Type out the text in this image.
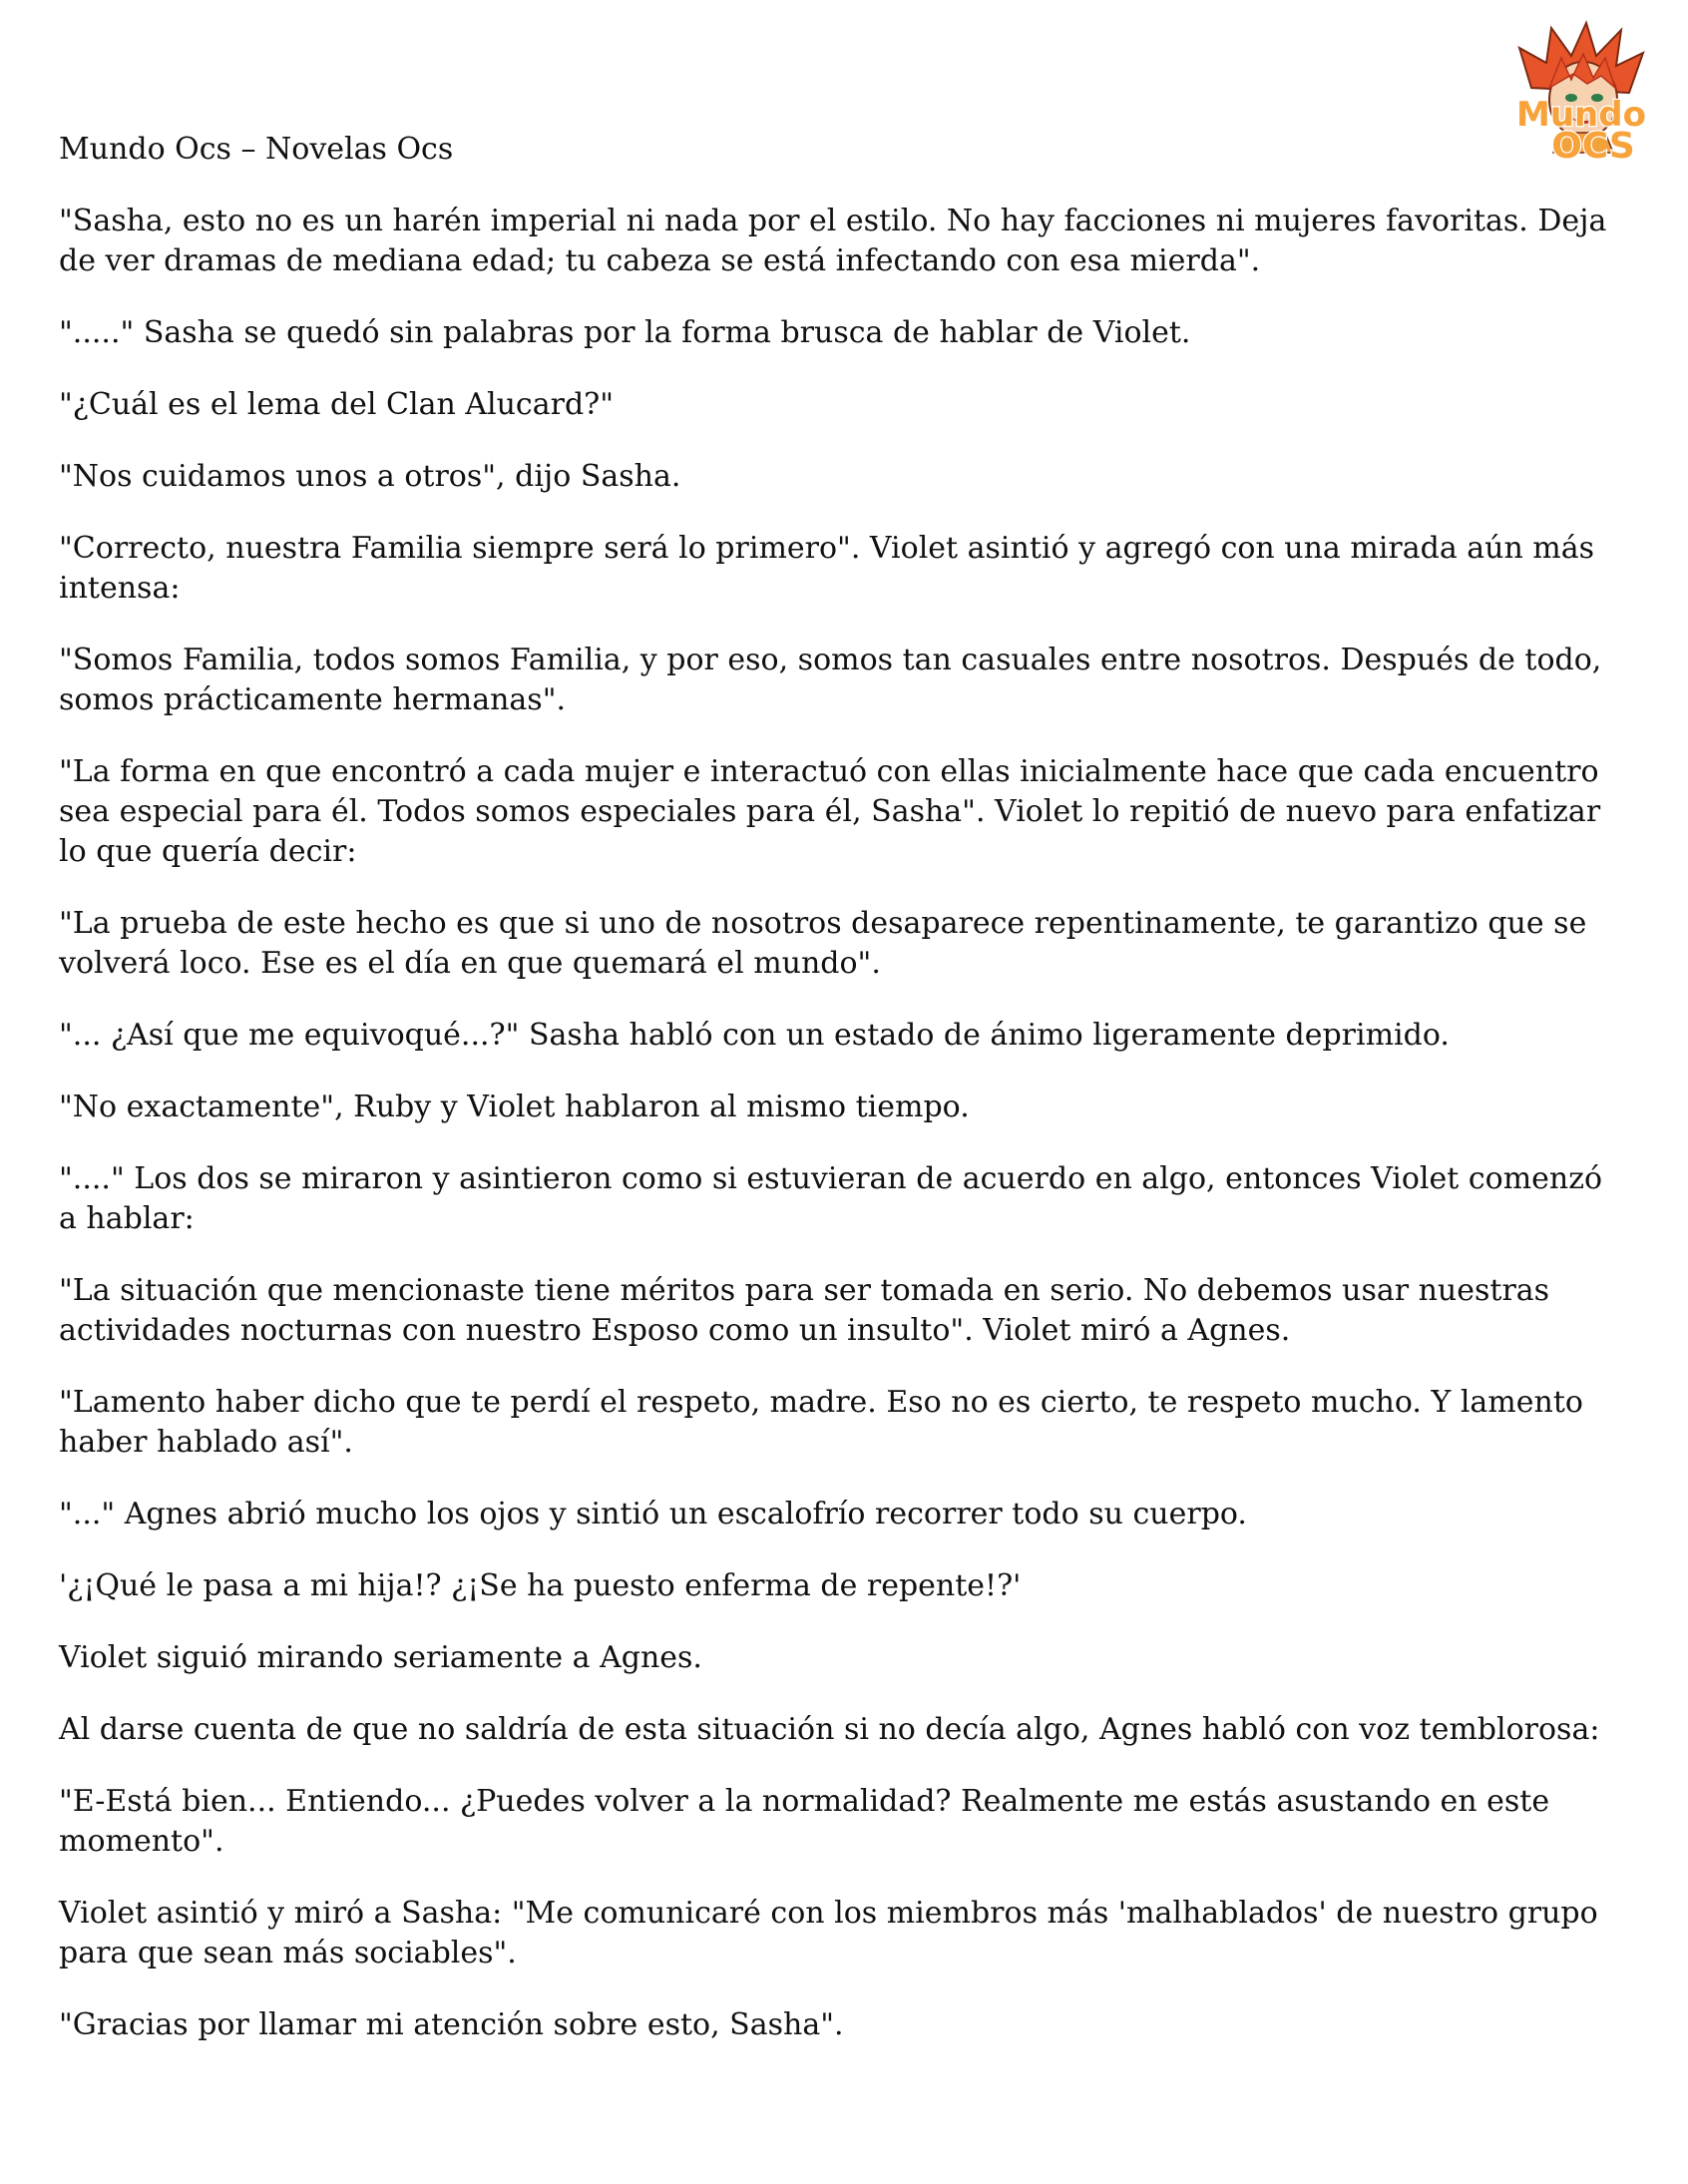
Mundo
OCS

Mundo Ocs – Novelas Ocs

"Sasha, esto no es un harén imperial ni nada por el estilo. No hay facciones ni mujeres favoritas. Deja de ver dramas de mediana edad; tu cabeza se está infectando con esa mierda".

"....." Sasha se quedó sin palabras por la forma brusca de hablar de Violet.

"¿Cuál es el lema del Clan Alucard?"

"Nos cuidamos unos a otros", dijo Sasha.

"Correcto, nuestra Familia siempre será lo primero". Violet asintió y agregó con una mirada aún más intensa:

"Somos Familia, todos somos Familia, y por eso, somos tan casuales entre nosotros. Después de todo, somos prácticamente hermanas".

"La forma en que encontró a cada mujer e interactuó con ellas inicialmente hace que cada encuentro sea especial para él. Todos somos especiales para él, Sasha". Violet lo repitió de nuevo para enfatizar lo que quería decir:

"La prueba de este hecho es que si uno de nosotros desaparece repentinamente, te garantizo que se volverá loco. Ese es el día en que quemará el mundo".

"... ¿Así que me equivoqué...?" Sasha habló con un estado de ánimo ligeramente deprimido.

"No exactamente", Ruby y Violet hablaron al mismo tiempo.

"...." Los dos se miraron y asintieron como si estuvieran de acuerdo en algo, entonces Violet comenzó a hablar:

"La situación que mencionaste tiene méritos para ser tomada en serio. No debemos usar nuestras actividades nocturnas con nuestro Esposo como un insulto". Violet miró a Agnes.

"Lamento haber dicho que te perdí el respeto, madre. Eso no es cierto, te respeto mucho. Y lamento haber hablado así".

"..." Agnes abrió mucho los ojos y sintió un escalofrío recorrer todo su cuerpo.

'¿¡Qué le pasa a mi hija!? ¿¡Se ha puesto enferma de repente!?'

Violet siguió mirando seriamente a Agnes.

Al darse cuenta de que no saldría de esta situación si no decía algo, Agnes habló con voz temblorosa:

"E-Está bien... Entiendo... ¿Puedes volver a la normalidad? Realmente me estás asustando en este momento".

Violet asintió y miró a Sasha: "Me comunicaré con los miembros más 'malhablados' de nuestro grupo para que sean más sociables".

"Gracias por llamar mi atención sobre esto, Sasha".
